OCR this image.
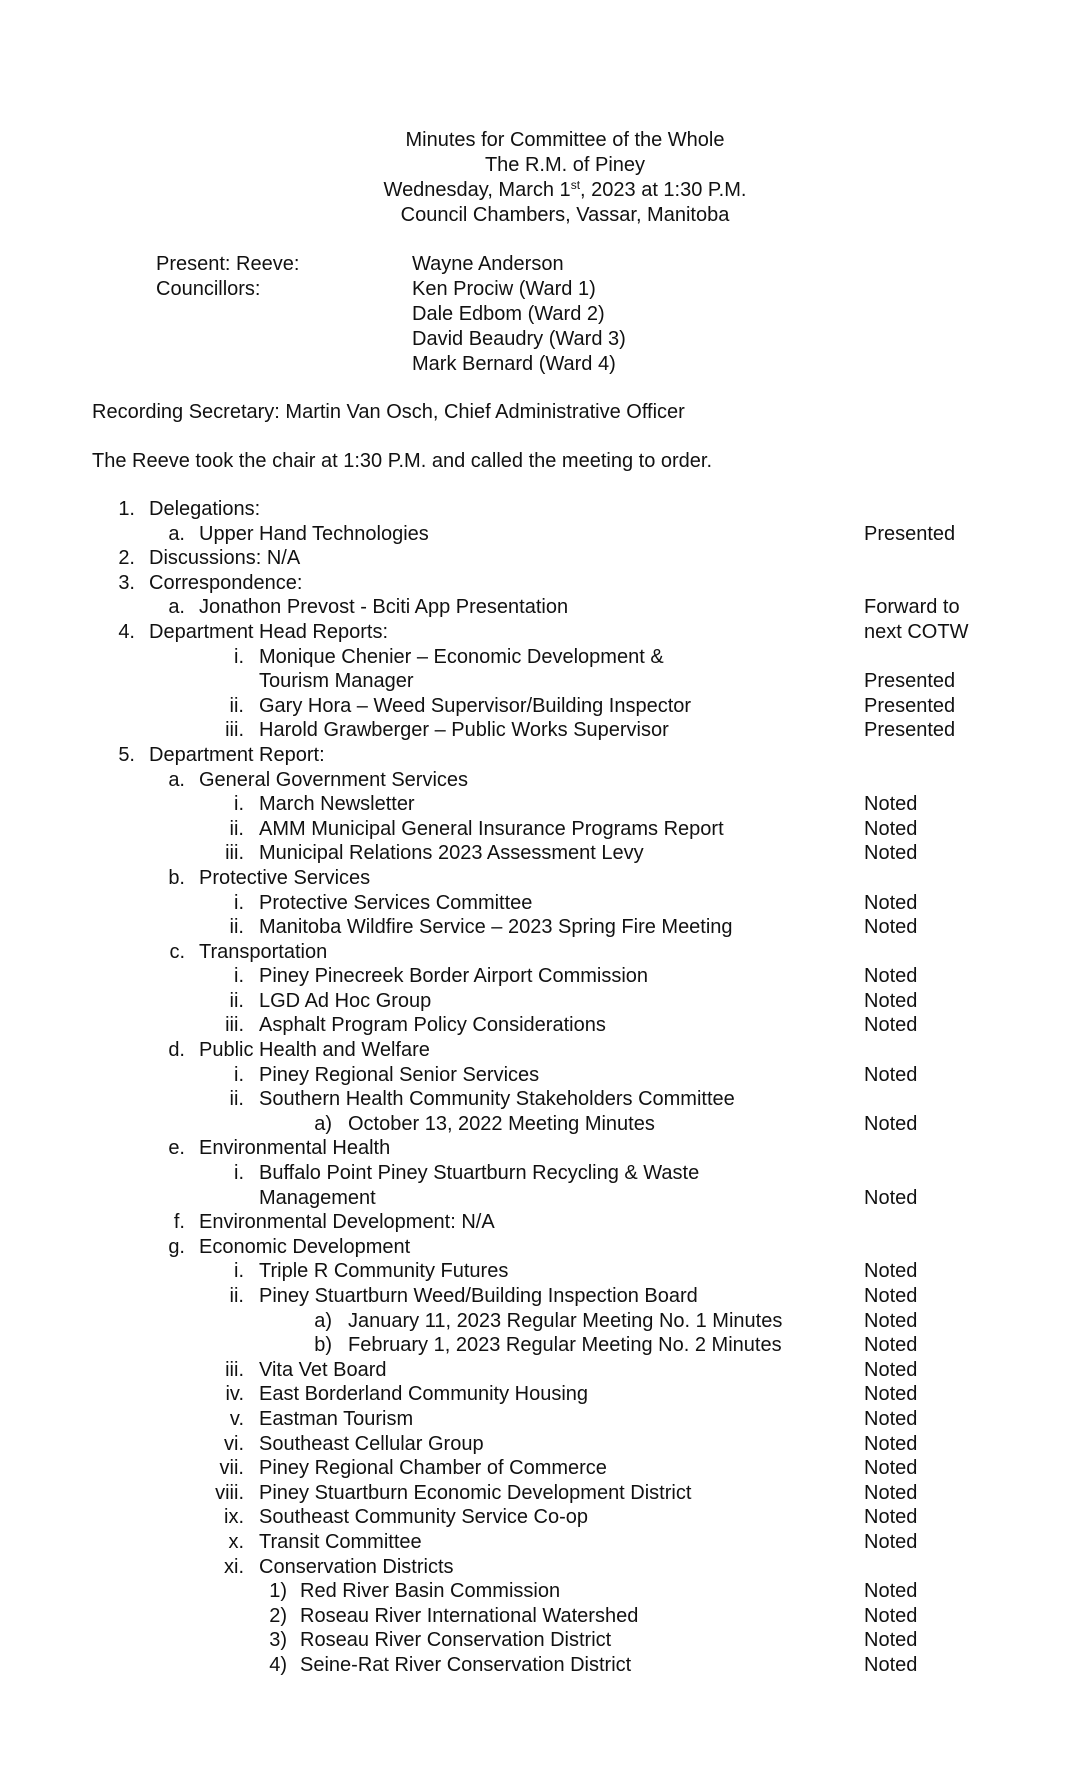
Minutes for Committee of the Whole
The R.M. of Piney
Wednesday, March 1st, 2023 at 1:30 P.M.
Council Chambers, Vassar, Manitoba
Present: Reeve:	Wayne Anderson
Councillors:	Ken Prociw (Ward 1)
Dale Edbom (Ward 2)
David Beaudry (Ward 3)
Mark Bernard (Ward 4)
Recording Secretary: Martin Van Osch, Chief Administrative Officer
The Reeve took the chair at 1:30 P.M. and called the meeting to order.
1. Delegations:
a. Upper Hand Technologies	Presented
2. Discussions: N/A
3. Correspondence:
a. Jonathon Prevost - Bciti App Presentation	Forward to
4. Department Head Reports:	next COTW
i. Monique Chenier – Economic Development &
Tourism Manager	Presented
ii. Gary Hora – Weed Supervisor/Building Inspector	Presented
iii. Harold Grawberger – Public Works Supervisor	Presented
5. Department Report:
a. General Government Services
i. March Newsletter	Noted
ii. AMM Municipal General Insurance Programs Report	Noted
iii. Municipal Relations 2023 Assessment Levy	Noted
b. Protective Services
i. Protective Services Committee	Noted
ii. Manitoba Wildfire Service – 2023 Spring Fire Meeting	Noted
c. Transportation
i. Piney Pinecreek Border Airport Commission	Noted
ii. LGD Ad Hoc Group	Noted
iii. Asphalt Program Policy Considerations	Noted
d. Public Health and Welfare
i. Piney Regional Senior Services	Noted
ii. Southern Health Community Stakeholders Committee
a) October 13, 2022 Meeting Minutes	Noted
e. Environmental Health
i. Buffalo Point Piney Stuartburn Recycling & Waste
Management	Noted
f. Environmental Development: N/A
g. Economic Development
i. Triple R Community Futures	Noted
ii. Piney Stuartburn Weed/Building Inspection Board	Noted
a) January 11, 2023 Regular Meeting No. 1 Minutes	Noted
b) February 1, 2023 Regular Meeting No. 2 Minutes	Noted
iii. Vita Vet Board	Noted
iv. East Borderland Community Housing	Noted
v. Eastman Tourism	Noted
vi. Southeast Cellular Group	Noted
vii. Piney Regional Chamber of Commerce	Noted
viii. Piney Stuartburn Economic Development District	Noted
ix. Southeast Community Service Co-op	Noted
x. Transit Committee	Noted
xi. Conservation Districts
1) Red River Basin Commission	Noted
2) Roseau River International Watershed	Noted
3) Roseau River Conservation District	Noted
4) Seine-Rat River Conservation District	Noted
